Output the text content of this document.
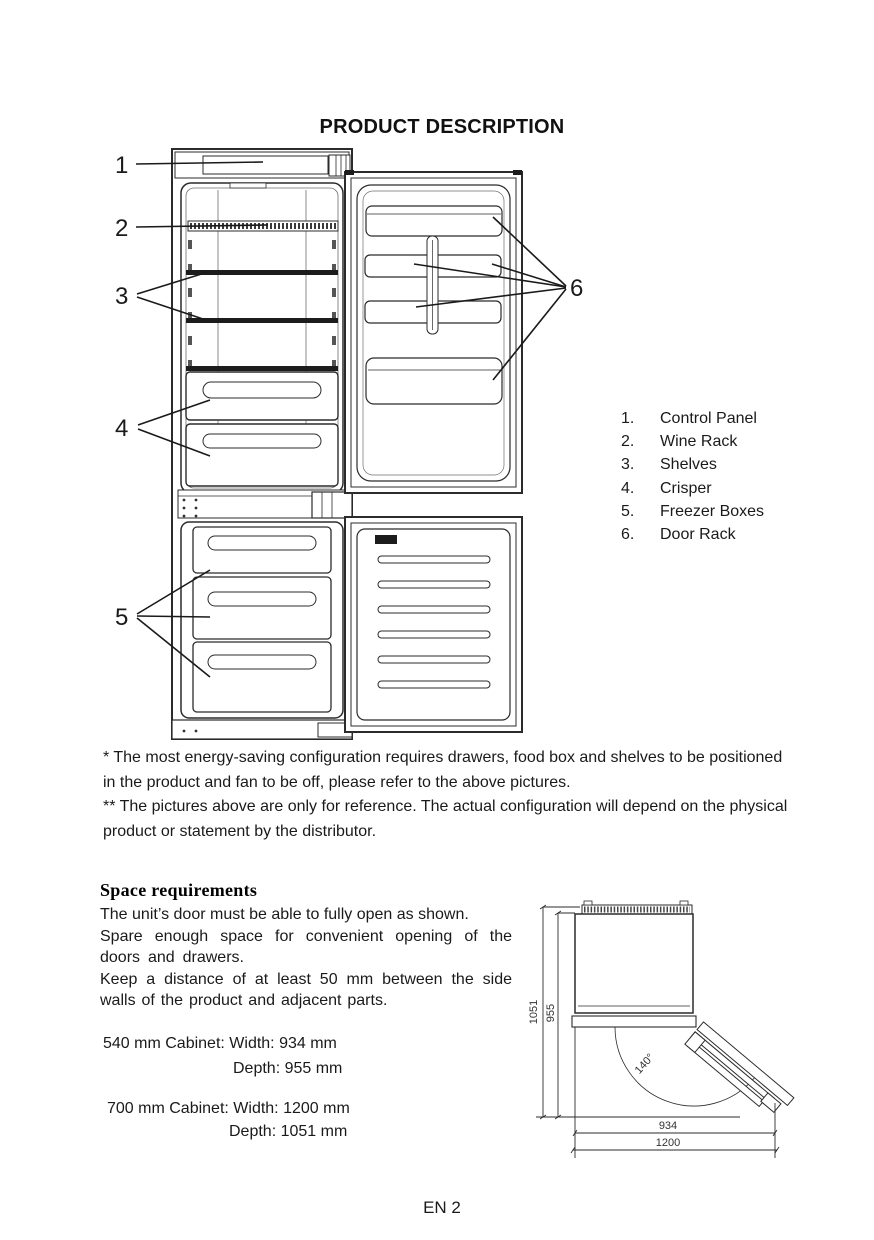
PRODUCT DESCRIPTION
1
2
3
4
5
6
1.	Control Panel
2.	Wine Rack
3.	Shelves
4.	Crisper
5.	Freezer Boxes
6.	Door Rack

* The most energy-saving configuration requires drawers, food box and shelves to be positioned in the product and fan to be off, please refer to the above pictures.

** The pictures above are only for reference. The actual configuration will depend on the physical product or statement by the distributor.

Space requirements
The unit’s door must be able to fully open as shown.
Spare enough space for convenient opening of the doors and drawers.
Keep a distance of at least 50 mm between the side walls of the product and adjacent parts.
540 mm Cabinet: Width: 934 mm
Depth: 955 mm
700 mm Cabinet: Width: 1200 mm
Depth: 1051 mm
1051 955
140°
934
1200
EN 2
